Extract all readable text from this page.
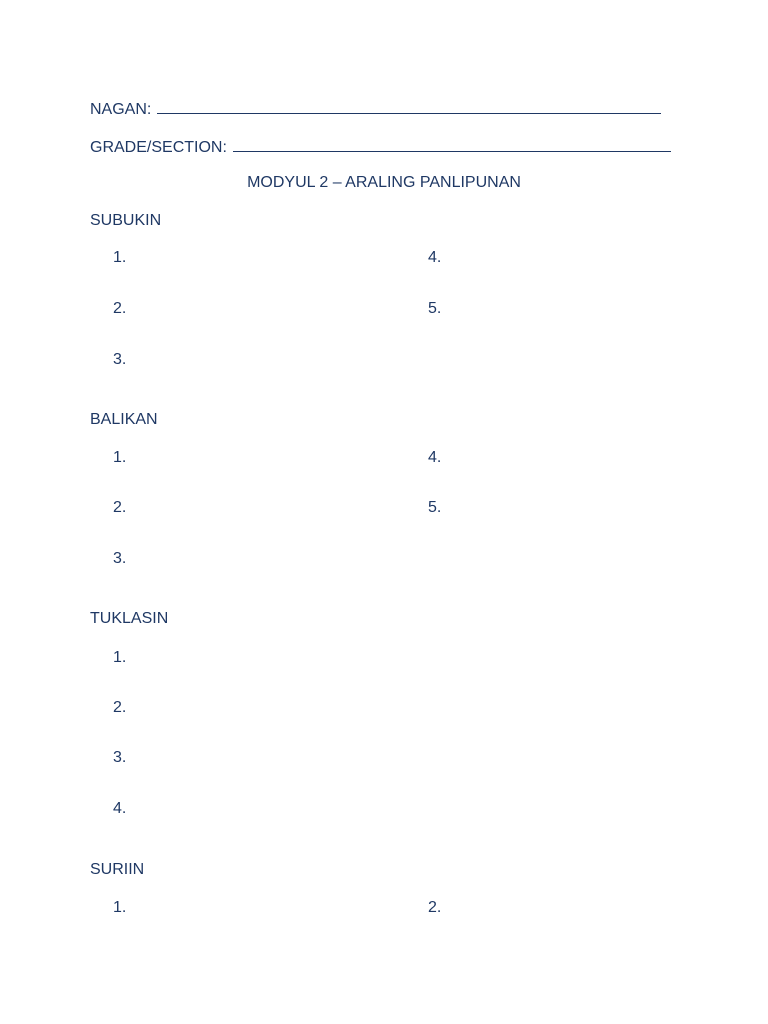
NAGAN:
GRADE/SECTION:
MODYUL 2 – ARALING PANLIPUNAN
SUBUKIN
1.
2.
3.
4.
5.
BALIKAN
1.
2.
3.
4.
5.
TUKLASIN
1.
2.
3.
4.
SURIIN
1.	2.
